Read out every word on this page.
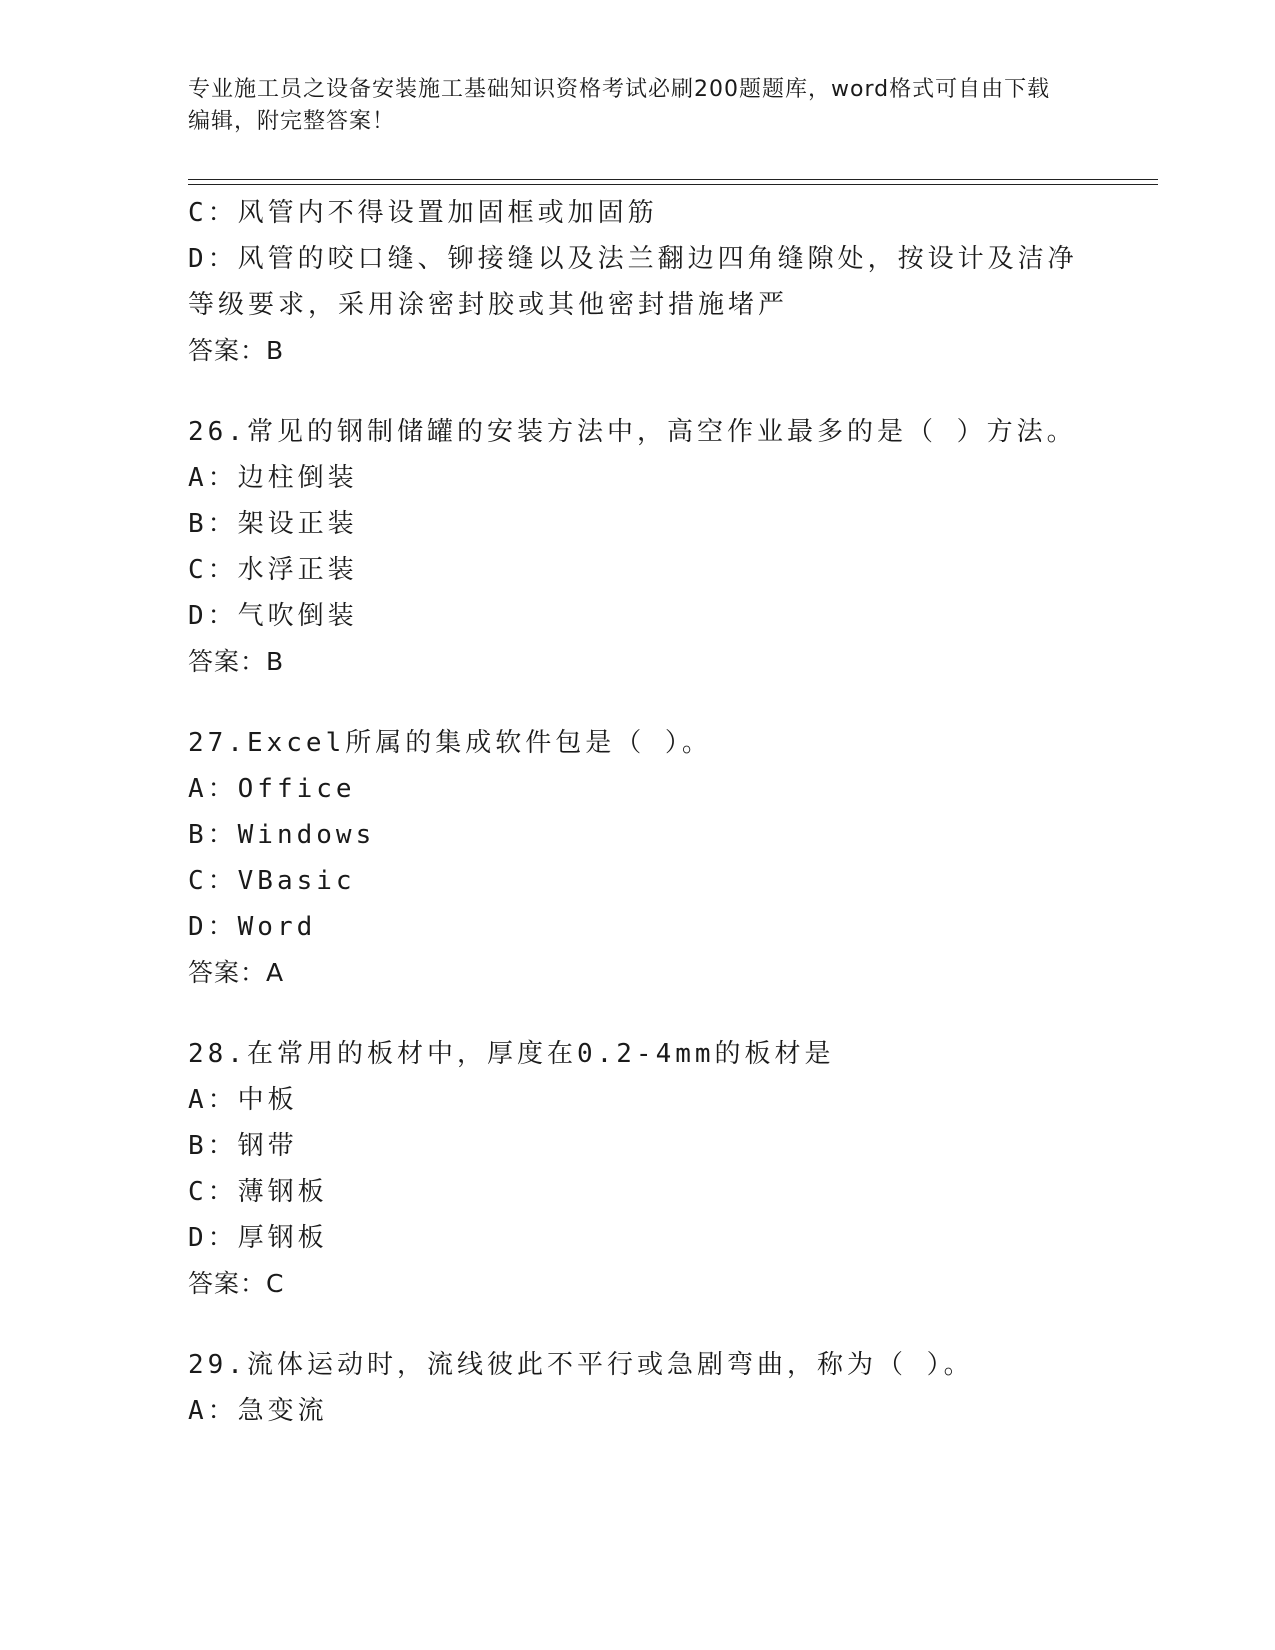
专业施工员之设备安装施工基础知识资格考试必刷200题题库，word格式可自由下载编辑，附完整答案！
C：风管内不得设置加固框或加固筋
D：风管的咬口缝、铆接缝以及法兰翻边四角缝隙处，按设计及洁净等级要求，采用涂密封胶或其他密封措施堵严
答案：B
26.常见的钢制储罐的安装方法中，高空作业最多的是（ ）方法。
A：边柱倒装
B：架设正装
C：水浮正装
D：气吹倒装
答案：B
27.Excel所属的集成软件包是（ ）。
A：Office
B：Windows
C：VBasic
D：Word
答案：A
28.在常用的板材中，厚度在0.2-4mm的板材是
A：中板
B：钢带
C：薄钢板
D：厚钢板
答案：C
29.流体运动时，流线彼此不平行或急剧弯曲，称为（ ）。
A：急变流
